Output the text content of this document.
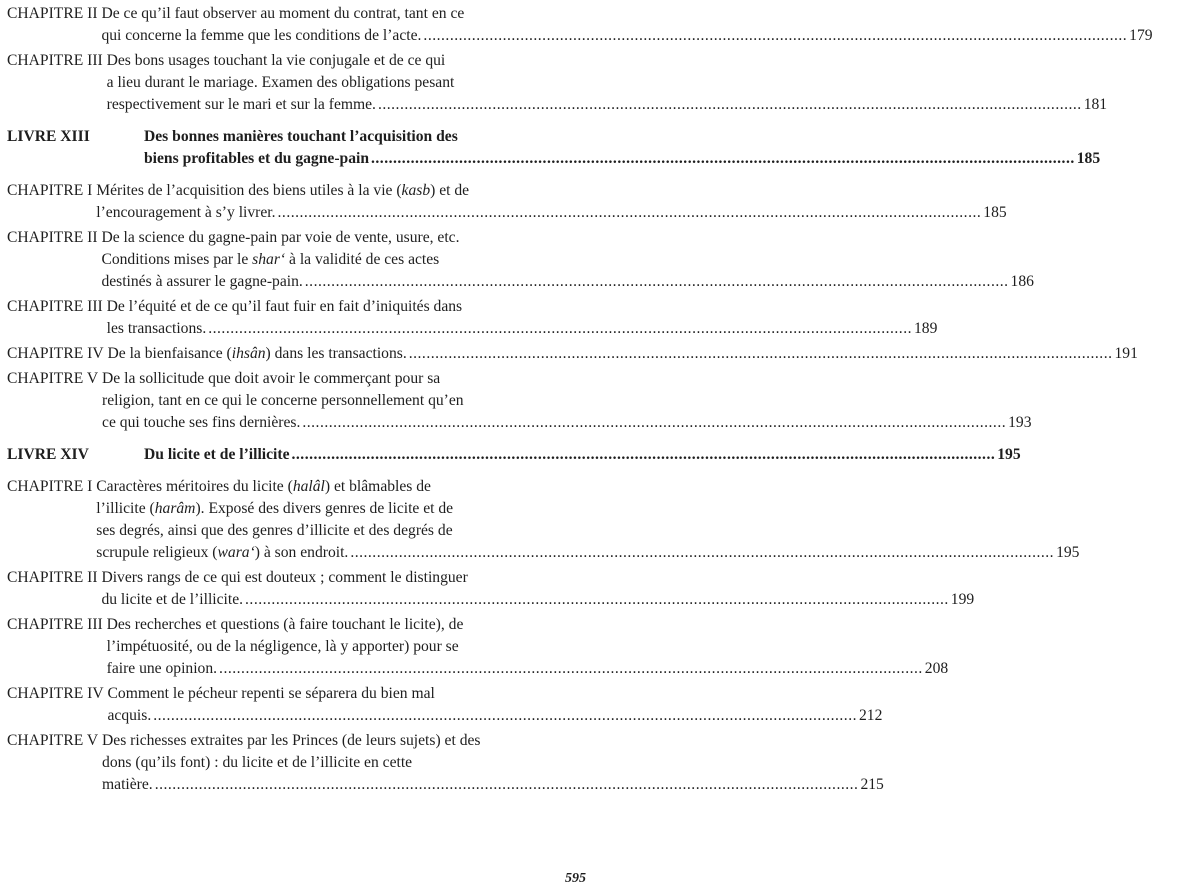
CHAPITRE II De ce qu’il faut observer au moment du contrat, tant en ce
qui concerne la femme que les conditions de l’acte. .....	179
CHAPITRE III Des bons usages touchant la vie conjugale et de ce qui
a lieu durant le mariage. Examen des obligations pesant
respectivement sur le mari et sur la femme. .....	181
LIVRE XIII	Des bonnes manières touchant l’acquisition des
biens profitables et du gagne-pain .....	185
CHAPITRE I Mérites de l’acquisition des biens utiles à la vie (kasb) et de
l’encouragement à s’y livrer. .....	185
CHAPITRE II De la science du gagne-pain par voie de vente, usure, etc.
Conditions mises par le shar‘ à la validité de ces actes
destinés à assurer le gagne-pain. .....	186
CHAPITRE III De l’équité et de ce qu’il faut fuir en fait d’iniquités dans
les transactions. .....	189
CHAPITRE IV De la bienfaisance (ihsân) dans les transactions. .....	191
CHAPITRE V De la sollicitude que doit avoir le commerçant pour sa
religion, tant en ce qui le concerne personnellement qu’en
ce qui touche ses fins dernières. .....	193
LIVRE XIV	Du licite et de l’illicite .....	195
CHAPITRE I Caractères méritoires du licite (halâl) et blâmables de
l’illicite (harâm). Exposé des divers genres de licite et de
ses degrés, ainsi que des genres d’illicite et des degrés de
scrupule religieux (wara‘) à son endroit. .....	195
CHAPITRE II Divers rangs de ce qui est douteux ; comment le distinguer
du licite et de l’illicite. .....	199
CHAPITRE III Des recherches et questions (à faire touchant le licite), de
l’impétuosité, ou de la négligence, là y apporter) pour se
faire une opinion. .....	208
CHAPITRE IV Comment le pécheur repenti se séparera du bien mal
acquis. .....	212
CHAPITRE V Des richesses extraites par les Princes (de leurs sujets) et des
dons (qu’ils font) : du licite et de l’illicite en cette
matière. .....	215
595
